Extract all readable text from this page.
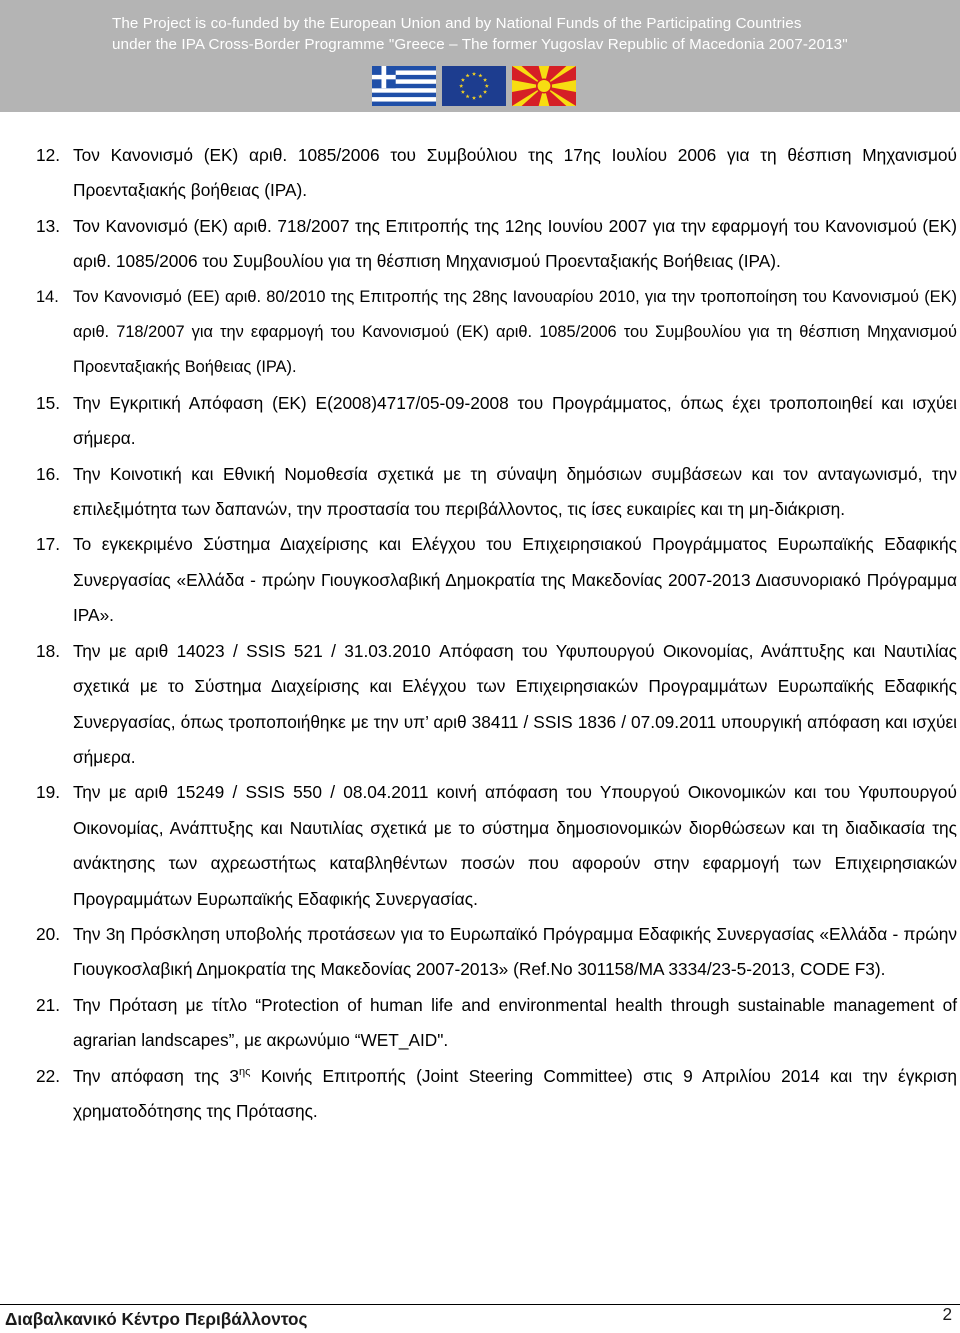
The Project is co-funded by the European Union and by National Funds of the Participating Countries
under the IPA Cross-Border Programme "Greece – The former Yugoslav Republic of Macedonia 2007-2013"
12. Τον Κανονισμό (ΕΚ) αριθ. 1085/2006 του Συμβούλιου της 17ης Ιουλίου 2006 για τη θέσπιση Μηχανισμού Προενταξιακής βοήθειας (IPA).
13. Τον Κανονισμό (ΕΚ) αριθ. 718/2007 της Επιτροπής της 12ης Ιουνίου 2007 για την εφαρμογή του Κανονισμού (ΕΚ) αριθ. 1085/2006 του Συμβουλίου για τη θέσπιση Μηχανισμού Προενταξιακής Βοήθειας (IPA).
14. Τον Κανονισμό (ΕΕ) αριθ. 80/2010 της Επιτροπής της 28ης Ιανουαρίου 2010, για την τροποποίηση του Κανονισμού (ΕΚ) αριθ. 718/2007 για την εφαρμογή του Κανονισμού (ΕΚ) αριθ. 1085/2006 του Συμβουλίου για τη θέσπιση Μηχανισμού Προενταξιακής Βοήθειας (IPA).
15. Την Εγκριτική Απόφαση (ΕΚ) Ε(2008)4717/05-09-2008 του Προγράμματος, όπως έχει τροποποιηθεί και ισχύει σήμερα.
16. Την Κοινοτική και Εθνική Νομοθεσία σχετικά με τη σύναψη δημόσιων συμβάσεων και τον ανταγωνισμό, την επιλεξιμότητα των δαπανών, την προστασία του περιβάλλοντος, τις ίσες ευκαιρίες και τη μη-διάκριση.
17. Το εγκεκριμένο Σύστημα Διαχείρισης και Ελέγχου του Επιχειρησιακού Προγράμματος Ευρωπαϊκής Εδαφικής Συνεργασίας «Ελλάδα - πρώην Γιουγκοσλαβική Δημοκρατία της Μακεδονίας 2007-2013 Διασυνοριακό Πρόγραμμα IPA».
18. Την με αριθ 14023 / SSIS 521 / 31.03.2010 Απόφαση του Υφυπουργού Οικονομίας, Ανάπτυξης και Ναυτιλίας σχετικά με το Σύστημα Διαχείρισης και Ελέγχου των Επιχειρησιακών Προγραμμάτων Ευρωπαϊκής Εδαφικής Συνεργασίας, όπως τροποποιήθηκε με την υπ’ αριθ 38411 / SSIS 1836 / 07.09.2011 υπουργική απόφαση και ισχύει σήμερα.
19. Την με αριθ 15249 / SSIS 550 / 08.04.2011 κοινή απόφαση του Υπουργού Οικονομικών και του Υφυπουργού Οικονομίας, Ανάπτυξης και Ναυτιλίας σχετικά με το σύστημα δημοσιονομικών διορθώσεων και τη διαδικασία της ανάκτησης των αχρεωστήτως καταβληθέντων ποσών που αφορούν στην εφαρμογή των Επιχειρησιακών Προγραμμάτων Ευρωπαϊκής Εδαφικής Συνεργασίας.
20. Την 3η Πρόσκληση υποβολής προτάσεων για το Ευρωπαϊκό Πρόγραμμα Εδαφικής Συνεργασίας «Ελλάδα - πρώην Γιουγκοσλαβική Δημοκρατία της Μακεδονίας 2007-2013» (Ref.No 301158/MA 3334/23-5-2013, CODE F3).
21. Την Πρόταση με τίτλο “Protection of human life and environmental health through sustainable management of agrarian landscapes”, με ακρωνύμιο “WET_AID".
22. Την απόφαση της $3^{\eta\varsigma}$ Κοινής Επιτροπής (Joint Steering Committee) στις 9 Απριλίου 2014 και την έγκριση χρηματοδότησης της Πρότασης.
Διαβαλκανικό Κέντρο Περιβάλλοντος	2
